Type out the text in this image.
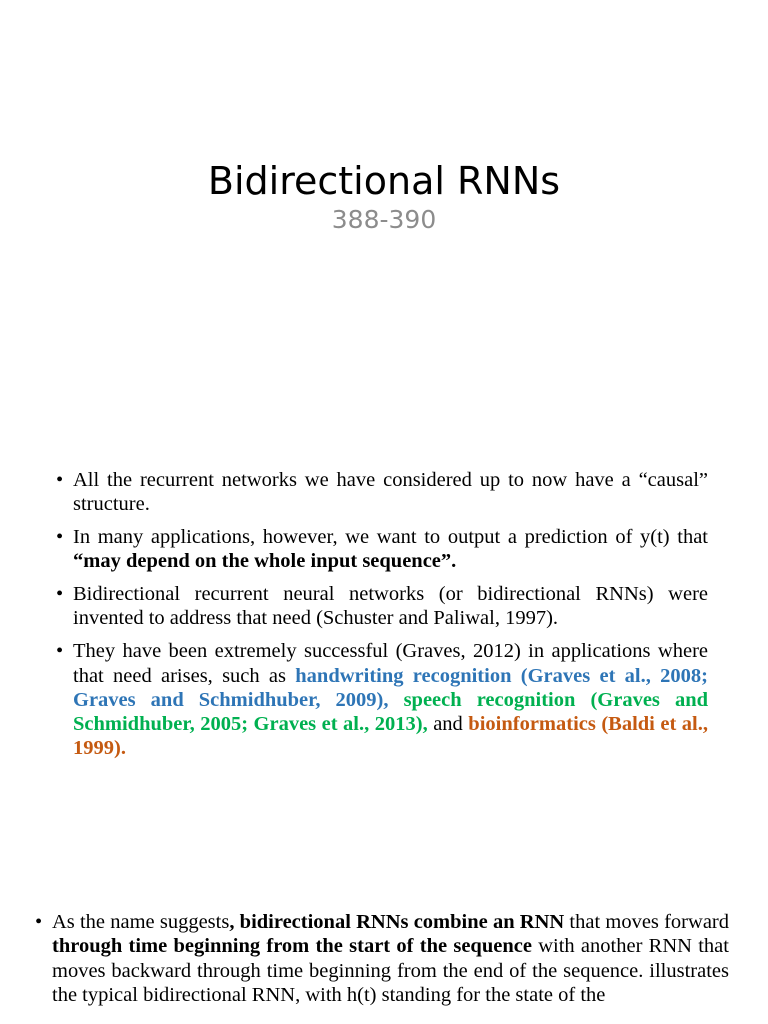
Bidirectional RNNs
388-390
• All the recurrent networks we have considered up to now have a “causal” structure.
• In many applications, however, we want to output a prediction of y(t) that “may depend on the whole input sequence”.
• Bidirectional recurrent neural networks (or bidirectional RNNs) were invented to address that need (Schuster and Paliwal, 1997).
• They have been extremely successful (Graves, 2012) in applications where that need arises, such as handwriting recognition (Graves et al., 2008; Graves and Schmidhuber, 2009), speech recognition (Graves and Schmidhuber, 2005; Graves et al., 2013), and bioinformatics (Baldi et al., 1999).
• As the name suggests, bidirectional RNNs combine an RNN that moves forward through time beginning from the start of the sequence with another RNN that moves backward through time beginning from the end of the sequence. illustrates the typical bidirectional RNN, with h(t) standing for the state of the
